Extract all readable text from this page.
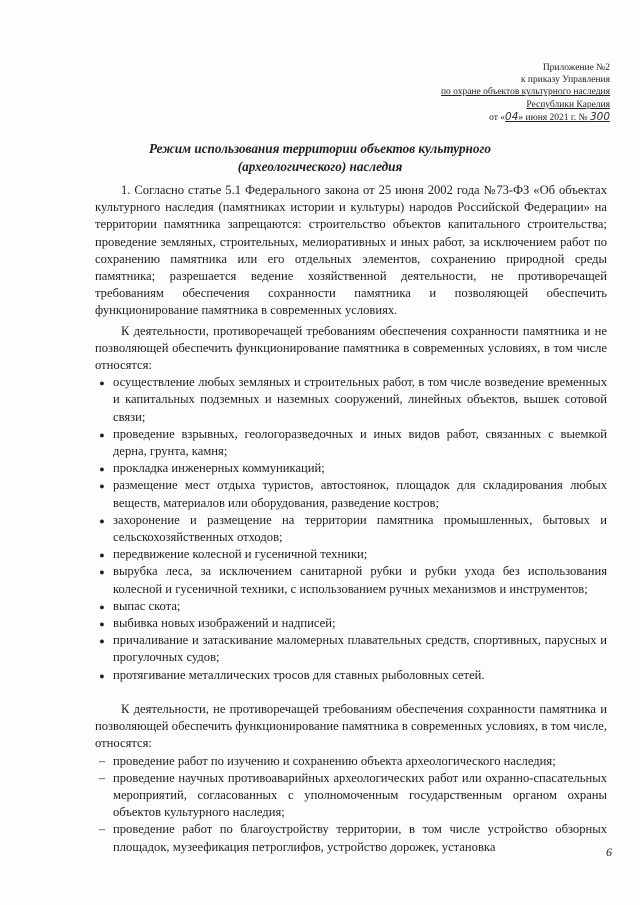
Приложение №2
к приказу Управления
по охране объектов культурного наследия
Республики Карелия
от «04» июня 2021 г. № 300
Режим использования территории объектов культурного (археологического) наследия

1. Согласно статье 5.1 Федерального закона от 25 июня 2002 года №73-ФЗ «Об объектах культурного наследия (памятниках истории и культуры) народов Российской Федерации» на территории памятника запрещаются: строительство объектов капитального строительства; проведение земляных, строительных, мелиоративных и иных работ, за исключением работ по сохранению памятника или его отдельных элементов, сохранению природной среды памятника; разрешается ведение хозяйственной деятельности, не противоречащей требованиям обеспечения сохранности памятника и позволяющей обеспечить функционирование памятника в современных условиях.

К деятельности, противоречащей требованиям обеспечения сохранности памятника и не позволяющей обеспечить функционирование памятника в современных условиях, в том числе относятся:

● осуществление любых земляных и строительных работ, в том числе возведение временных и капитальных подземных и наземных сооружений, линейных объектов, вышек сотовой связи;
● проведение взрывных, геологоразведочных и иных видов работ, связанных с выемкой дерна, грунта, камня;
● прокладка инженерных коммуникаций;
● размещение мест отдыха туристов, автостоянок, площадок для складирования любых веществ, материалов или оборудования, разведение костров;
● захоронение и размещение на территории памятника промышленных, бытовых и сельскохозяйственных отходов;
● передвижение колесной и гусеничной техники;
● вырубка леса, за исключением санитарной рубки и рубки ухода без использования колесной и гусеничной техники, с использованием ручных механизмов и инструментов;
● выпас скота;
● выбивка новых изображений и надписей;
● причаливание и затаскивание маломерных плавательных средств, спортивных, парусных и прогулочных судов;
● протягивание металлических тросов для ставных рыболовных сетей.

К деятельности, не противоречащей требованиям обеспечения сохранности памятника и позволяющей обеспечить функционирование памятника в современных условиях, в том числе, относятся:

– проведение работ по изучению и сохранению объекта археологического наследия;
– проведение научных противоаварийных археологических работ или охранно-спасательных мероприятий, согласованных с уполномоченным государственным органом охраны объектов культурного наследия;
– проведение работ по благоустройству территории, в том числе устройство обзорных площадок, музеефикация петроглифов, устройство дорожек, установка	6
